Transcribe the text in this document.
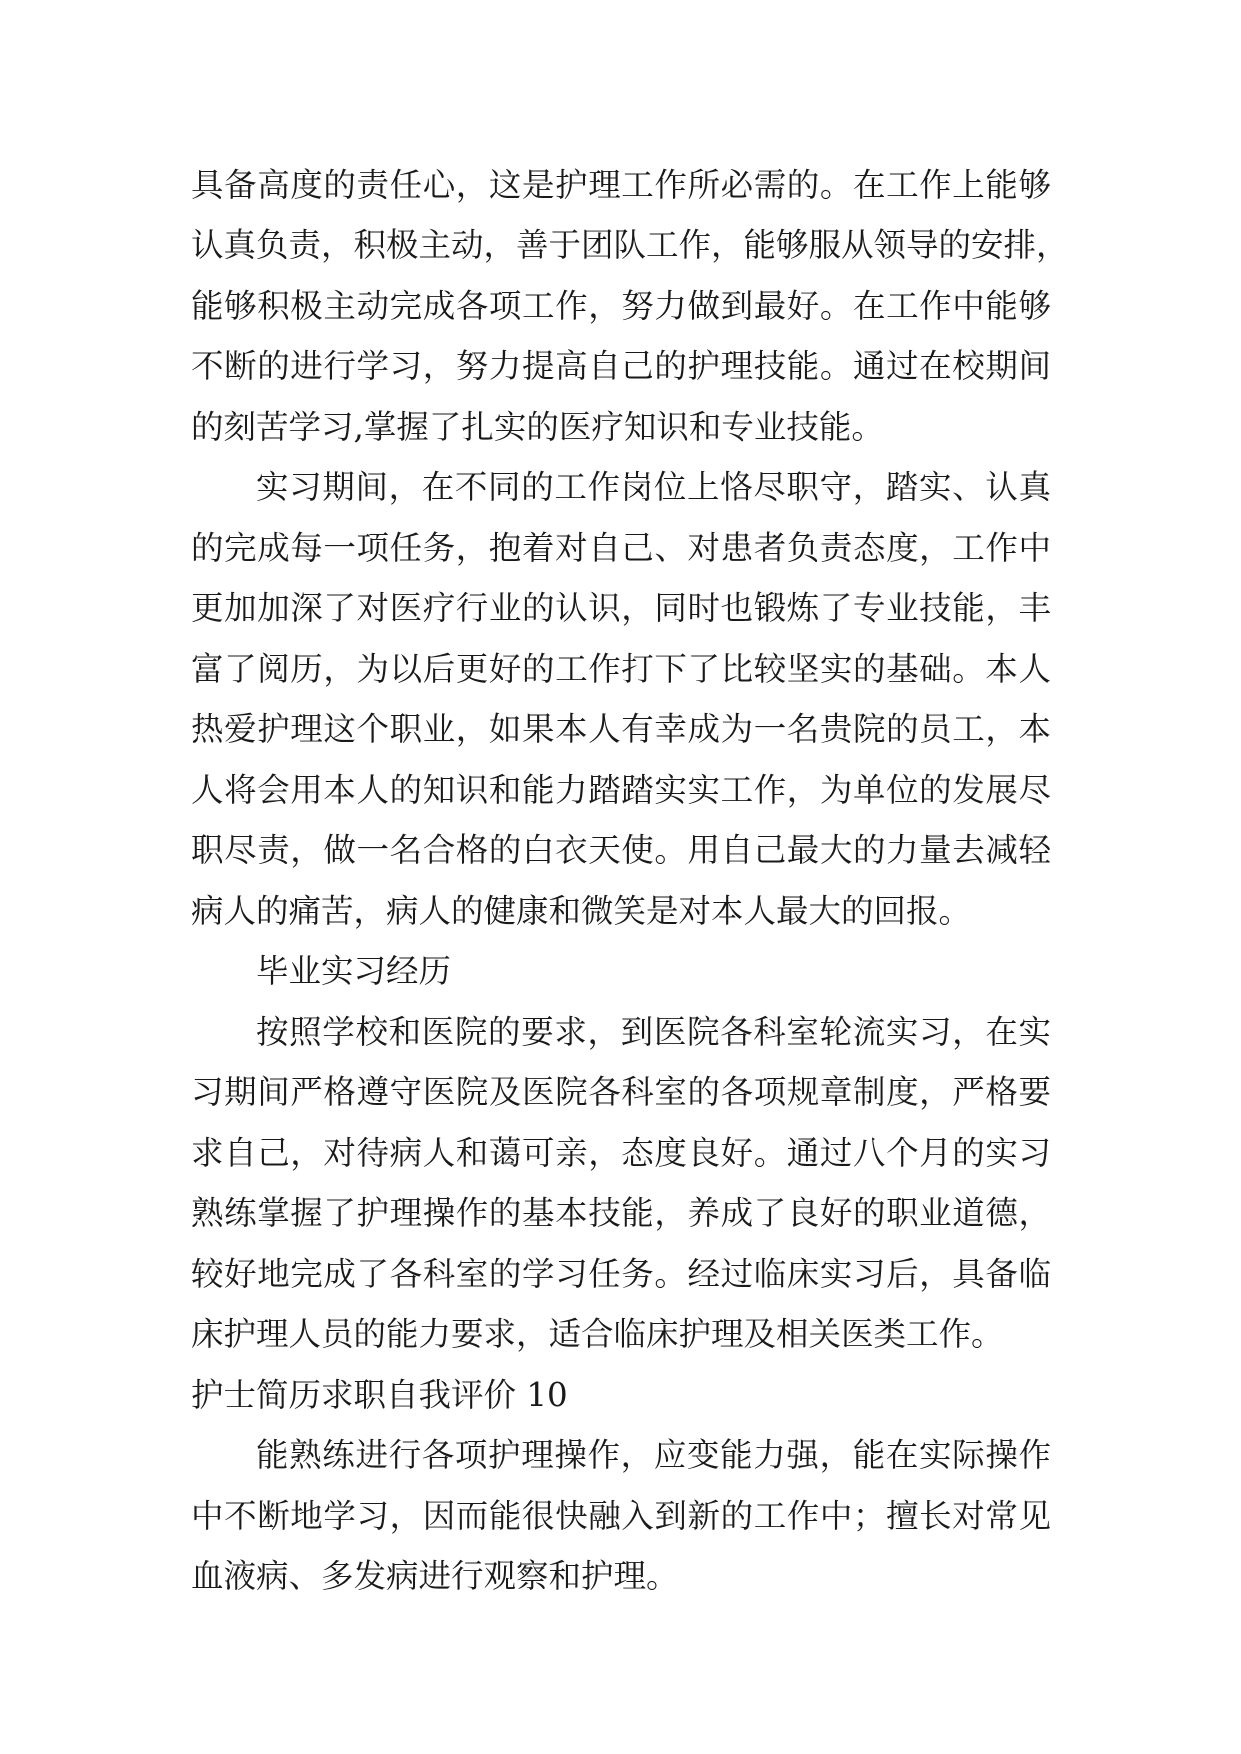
具备高度的责任心，这是护理工作所必需的。在工作上能够
认真负责，积极主动，善于团队工作，能够服从领导的安排，
能够积极主动完成各项工作，努力做到最好。在工作中能够
不断的进行学习，努力提高自己的护理技能。通过在校期间
的刻苦学习,掌握了扎实的医疗知识和专业技能。
实习期间，在不同的工作岗位上恪尽职守，踏实、认真
的完成每一项任务，抱着对自己、对患者负责态度，工作中
更加加深了对医疗行业的认识，同时也锻炼了专业技能，丰
富了阅历，为以后更好的工作打下了比较坚实的基础。本人
热爱护理这个职业，如果本人有幸成为一名贵院的员工，本
人将会用本人的知识和能力踏踏实实工作，为单位的发展尽
职尽责，做一名合格的白衣天使。用自己最大的力量去减轻
病人的痛苦，病人的健康和微笑是对本人最大的回报。
毕业实习经历
按照学校和医院的要求，到医院各科室轮流实习，在实
习期间严格遵守医院及医院各科室的各项规章制度，严格要
求自己，对待病人和蔼可亲，态度良好。通过八个月的实习
熟练掌握了护理操作的基本技能，养成了良好的职业道德，
较好地完成了各科室的学习任务。经过临床实习后，具备临
床护理人员的能力要求，适合临床护理及相关医类工作。
护士简历求职自我评价 10
能熟练进行各项护理操作，应变能力强，能在实际操作
中不断地学习，因而能很快融入到新的工作中；擅长对常见
血液病、多发病进行观察和护理。
